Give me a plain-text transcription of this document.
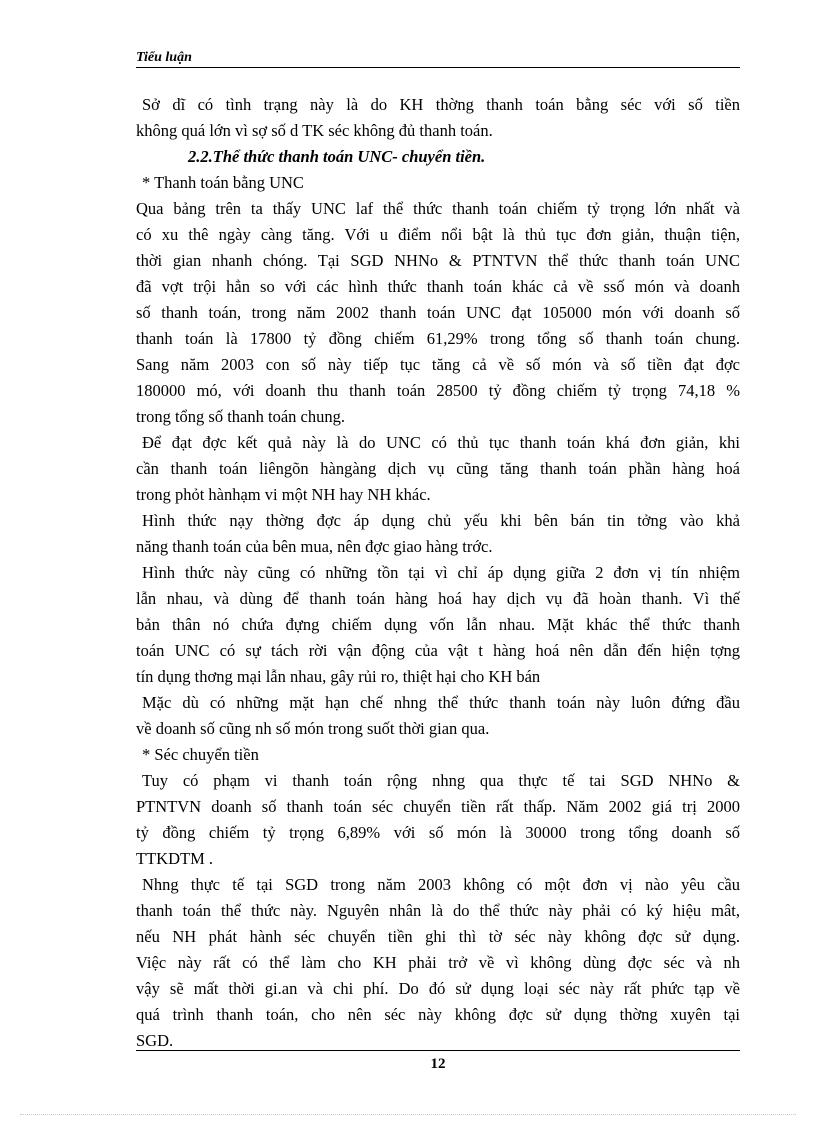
Tiểu luận

Sở dĩ có tình trạng này là do KH thờng thanh toán bằng séc với số tiền

không quá lớn vì sợ số d TK séc không đủ thanh toán.

2.2.Thể thức thanh toán UNC- chuyển tiền.

* Thanh toán bằng UNC

Qua bảng trên ta thấy UNC laf thể thức thanh toán chiếm tỷ trọng lớn nhất và

có xu thê ngày càng tăng. Với u điểm nổi bật là thủ tục đơn giản, thuận tiện,

thời gian nhanh chóng. Tại SGD NHNo & PTNTVN thể thức thanh toán UNC

đã vợt trội hẳn so với các hình thức thanh toán khác cả về ssố món và doanh

số thanh toán, trong năm 2002 thanh toán UNC đạt 105000 món với doanh số

thanh toán là 17800 tỷ đồng chiếm 61,29% trong tổng số thanh toán chung.

Sang năm 2003 con số này tiếp tục tăng cả về số món và số tiền đạt đợc

180000 mó, với doanh thu thanh toán 28500 tỷ đồng chiếm tỷ trọng 74,18 %

trong tổng số thanh toán chung.

Để đạt đợc kết quả này là do UNC có thủ tục thanh toán khá đơn giản, khi

cần thanh toán liêngõn hàngàng dịch vụ cũng tăng thanh toán phần hàng hoá

trong phỏt hànhạm vi một NH hay NH khác.

Hình thức nạy thờng đợc áp dụng chủ yếu khi bên bán tin tởng vào khả

năng thanh toán của bên mua, nên đợc giao hàng trớc.

Hình thức này cũng có những tồn tại vì chỉ áp dụng giữa 2 đơn vị tín nhiệm

lẫn nhau, và dùng để thanh toán hàng hoá hay dịch vụ đã hoàn thanh. Vì thế

bản thân nó chứa đựng chiếm dụng vốn lẫn nhau. Mặt khác thể thức thanh

toán UNC có sự tách rời vận động của vật t hàng hoá nên dẫn đến hiện tợng

tín dụng thơng mại lẫn nhau, gây rủi ro, thiệt hại cho KH bán

Mặc dù có những mặt hạn chế nhng thể thức thanh toán này luôn đứng đầu

về doanh số cũng nh số món trong suốt thời gian qua.

* Séc chuyển tiền

Tuy có phạm vi thanh toán rộng nhng qua thực tế tai SGD NHNo &

PTNTVN doanh số thanh toán séc chuyển tiền rất thấp. Năm 2002 giá trị 2000

tỷ đồng chiếm tỷ trọng 6,89% với số món là 30000 trong tổng doanh số

TTKDTM .

Nhng thực tế tại SGD trong năm 2003 không có một đơn vị nào yêu cầu

thanh toán thể thức này. Nguyên nhân là do thể thức này phải có ký hiệu mât,

nếu NH phát hành séc chuyển tiền ghi thì tờ séc này không đợc sử dụng.

Việc này rất có thể làm cho KH phải trở về vì không dùng đợc séc và nh

vậy sẽ mất thời gi.an và chi phí. Do đó sử dụng loại séc này rất phức tạp về

quá trình thanh toán, cho nên séc này không đợc sử dụng thờng xuyên tại

SGD.

12
